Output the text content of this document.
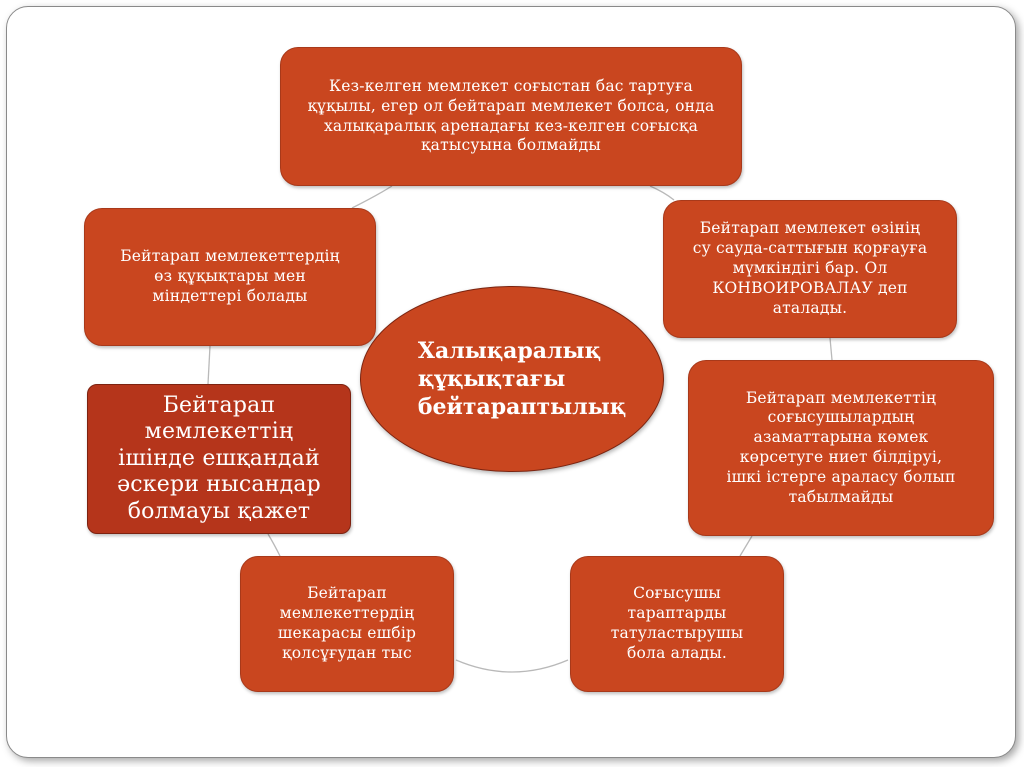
Кез-келген мемлекет соғыстан бас тартуға құқылы, егер ол бейтарап мемлекет болса, онда халықаралық аренадағы кез-келген соғысқа қатысуына болмайды
Бейтарап мемлекеттердің
өз құқықтары мен
міндеттері болады
Бейтарап мемлекет өзінің
су сауда-саттығын қорғауға
мүмкіндігі бар. Ол
КОНВОИРОВАЛАУ деп
аталады.
Бейтарап
мемлекеттің
ішінде ешқандай
әскери нысандар
болмауы қажет
Бейтарап мемлекеттің
соғысушылардың
азаматтарына көмек
көрсетуге ниет білдіруі,
ішкі істерге араласу болып
табылмайды
Бейтарап
мемлекеттердің
шекарасы ешбір
қолсұғудан тыс
Соғысушы
тараптарды
татуластырушы
бола алады.
Халықаралық
құқықтағы
бейтараптылық
